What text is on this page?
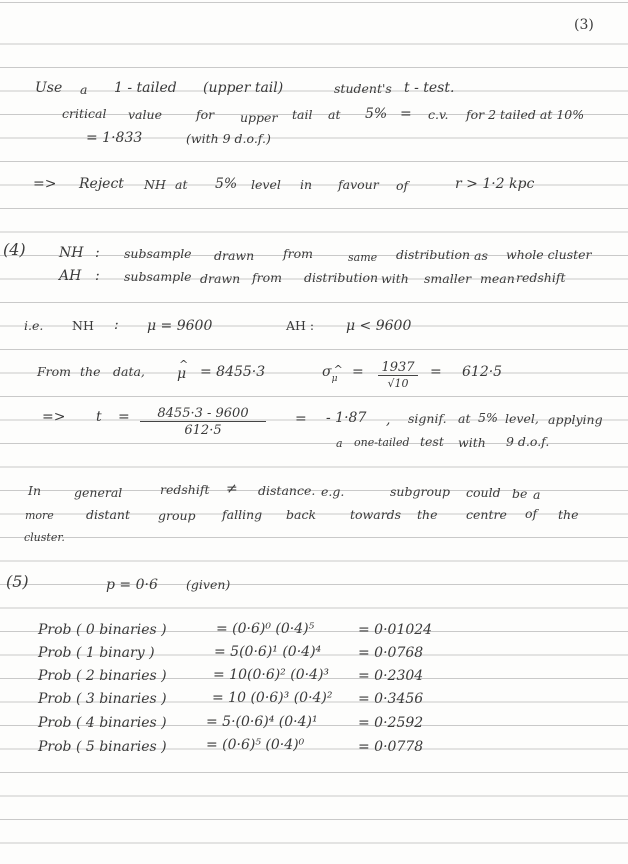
(3)
Use a 1 - tailed (upper tail)	student's t - test.
critical value	for upper tail at 5% = c.v. for 2 tailed at 10%
= 1·833	(with 9 d.o.f.)
=> Reject NH at 5% level in favour of	r > 1·2 kpc
(4) NH : subsample drawn from	same distribution as whole cluster
AH : subsample drawn from distribution with smaller mean redshift
i.e. NH : μ = 9600	AH : μ < 9600
From the data,
^ μ = 8455·3	σ^ μ = 1937
√10
= 612·5
=> $t = \frac{8455\cdot 3 - 9600}{612\cdot 5}$ = - 1·87 , signif. at 5% level, applying
a one-tailed test with 9 d.o.f.
In	general	redshift ≠ distance. e.g.	subgroup could be a
more	distant group falling back	towards the centre of the
cluster.
(5)	p = 0·6 (given)
Prob ( 0 binaries )	= (0·6)⁰ (0·4)⁵	= 0·01024
Prob ( 1 binary )	= 5(0·6)¹ (0·4)⁴	= 0·0768
Prob ( 2 binaries )	= 10(0·6)² (0·4)³ = 0·2304
Prob ( 3 binaries )	= 10 (0·6)³ (0·4)² = 0·3456
Prob ( 4 binaries )	= 5·(0·6)⁴ (0·4)¹	= 0·2592
Prob ( 5 binaries )	= (0·6)⁵ (0·4)⁰	= 0·0778
